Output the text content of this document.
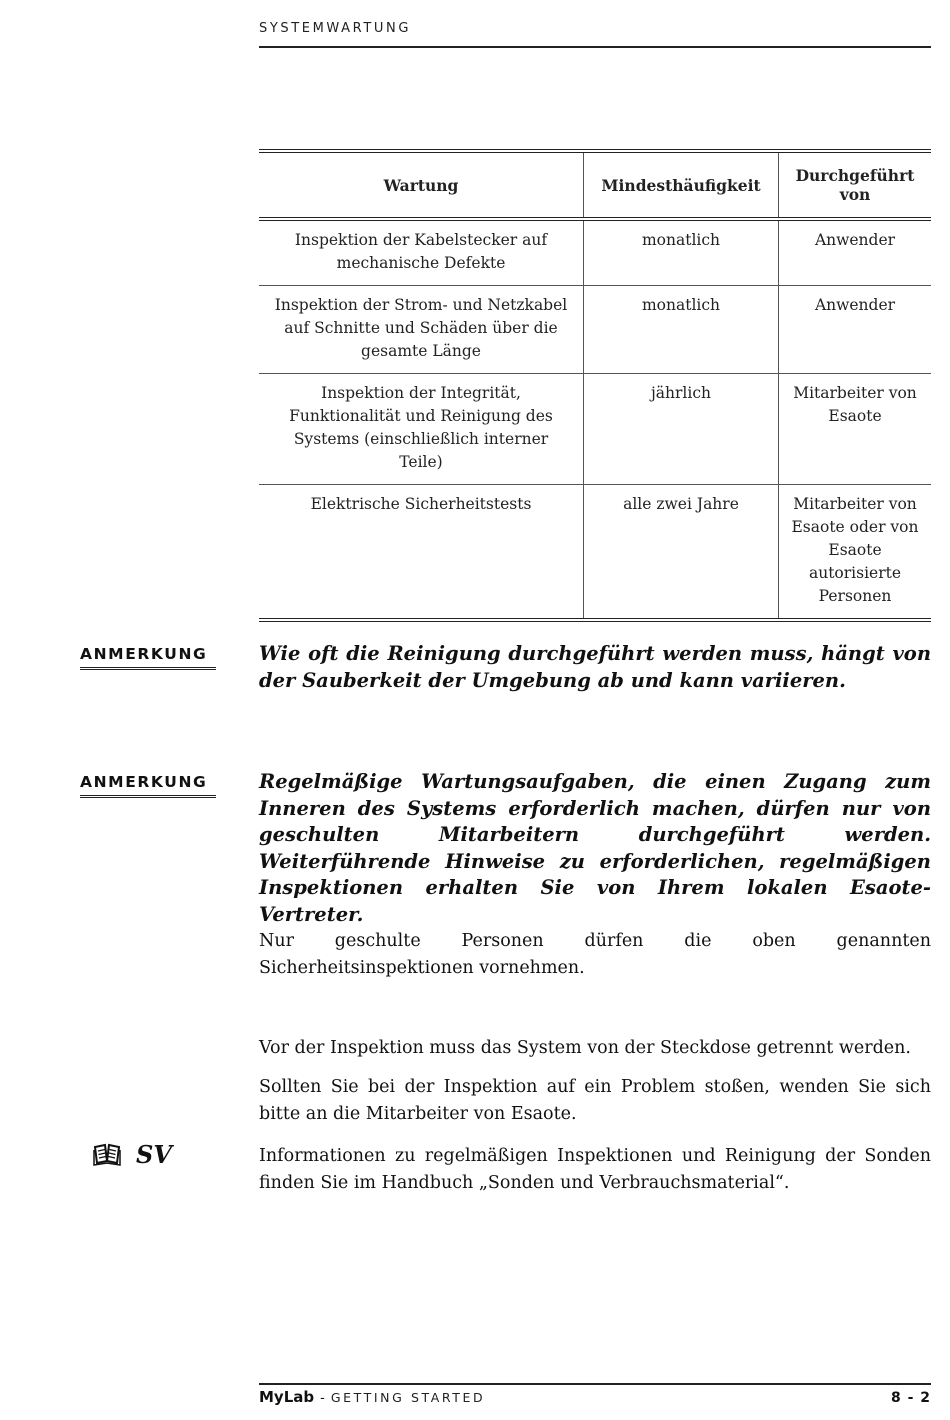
SYSTEMWARTUNG
Wartung	Mindesthäufigkeit	Durchgeführt von
Inspektion der Kabelstecker auf mechanische Defekte	monatlich	Anwender
Inspektion der Strom- und Netzkabel auf Schnitte und Schäden über die gesamte Länge	monatlich	Anwender
Inspektion der Integrität, Funktionalität und Reinigung des Systems (einschließlich interner Teile)	jährlich	Mitarbeiter von Esaote
Elektrische Sicherheitstests	alle zwei Jahre	Mitarbeiter von Esaote oder von Esaote autorisierte Personen
ANMERKUNG	Wie oft die Reinigung durchgeführt werden muss, hängt von der Sauberkeit der Umgebung ab und kann variieren.
ANMERKUNG	Regelmäßige Wartungsaufgaben, die einen Zugang zum Inneren des Systems erforderlich machen, dürfen nur von geschulten Mitarbeitern durchgeführt werden. Weiterführende Hinweise zu erforderlichen, regelmäßigen Inspektionen erhalten Sie von Ihrem lokalen Esaote-Vertreter.
Nur geschulte Personen dürfen die oben genannten Sicherheitsinspektionen vornehmen.
Vor der Inspektion muss das System von der Steckdose getrennt werden.
Sollten Sie bei der Inspektion auf ein Problem stoßen, wenden Sie sich bitte an die Mitarbeiter von Esaote.
Informationen zu regelmäßigen Inspektionen und Reinigung der Sonden finden Sie im Handbuch „Sonden und Verbrauchsmaterial“.
SV
MyLab - GETTING STARTED	8 - 2
